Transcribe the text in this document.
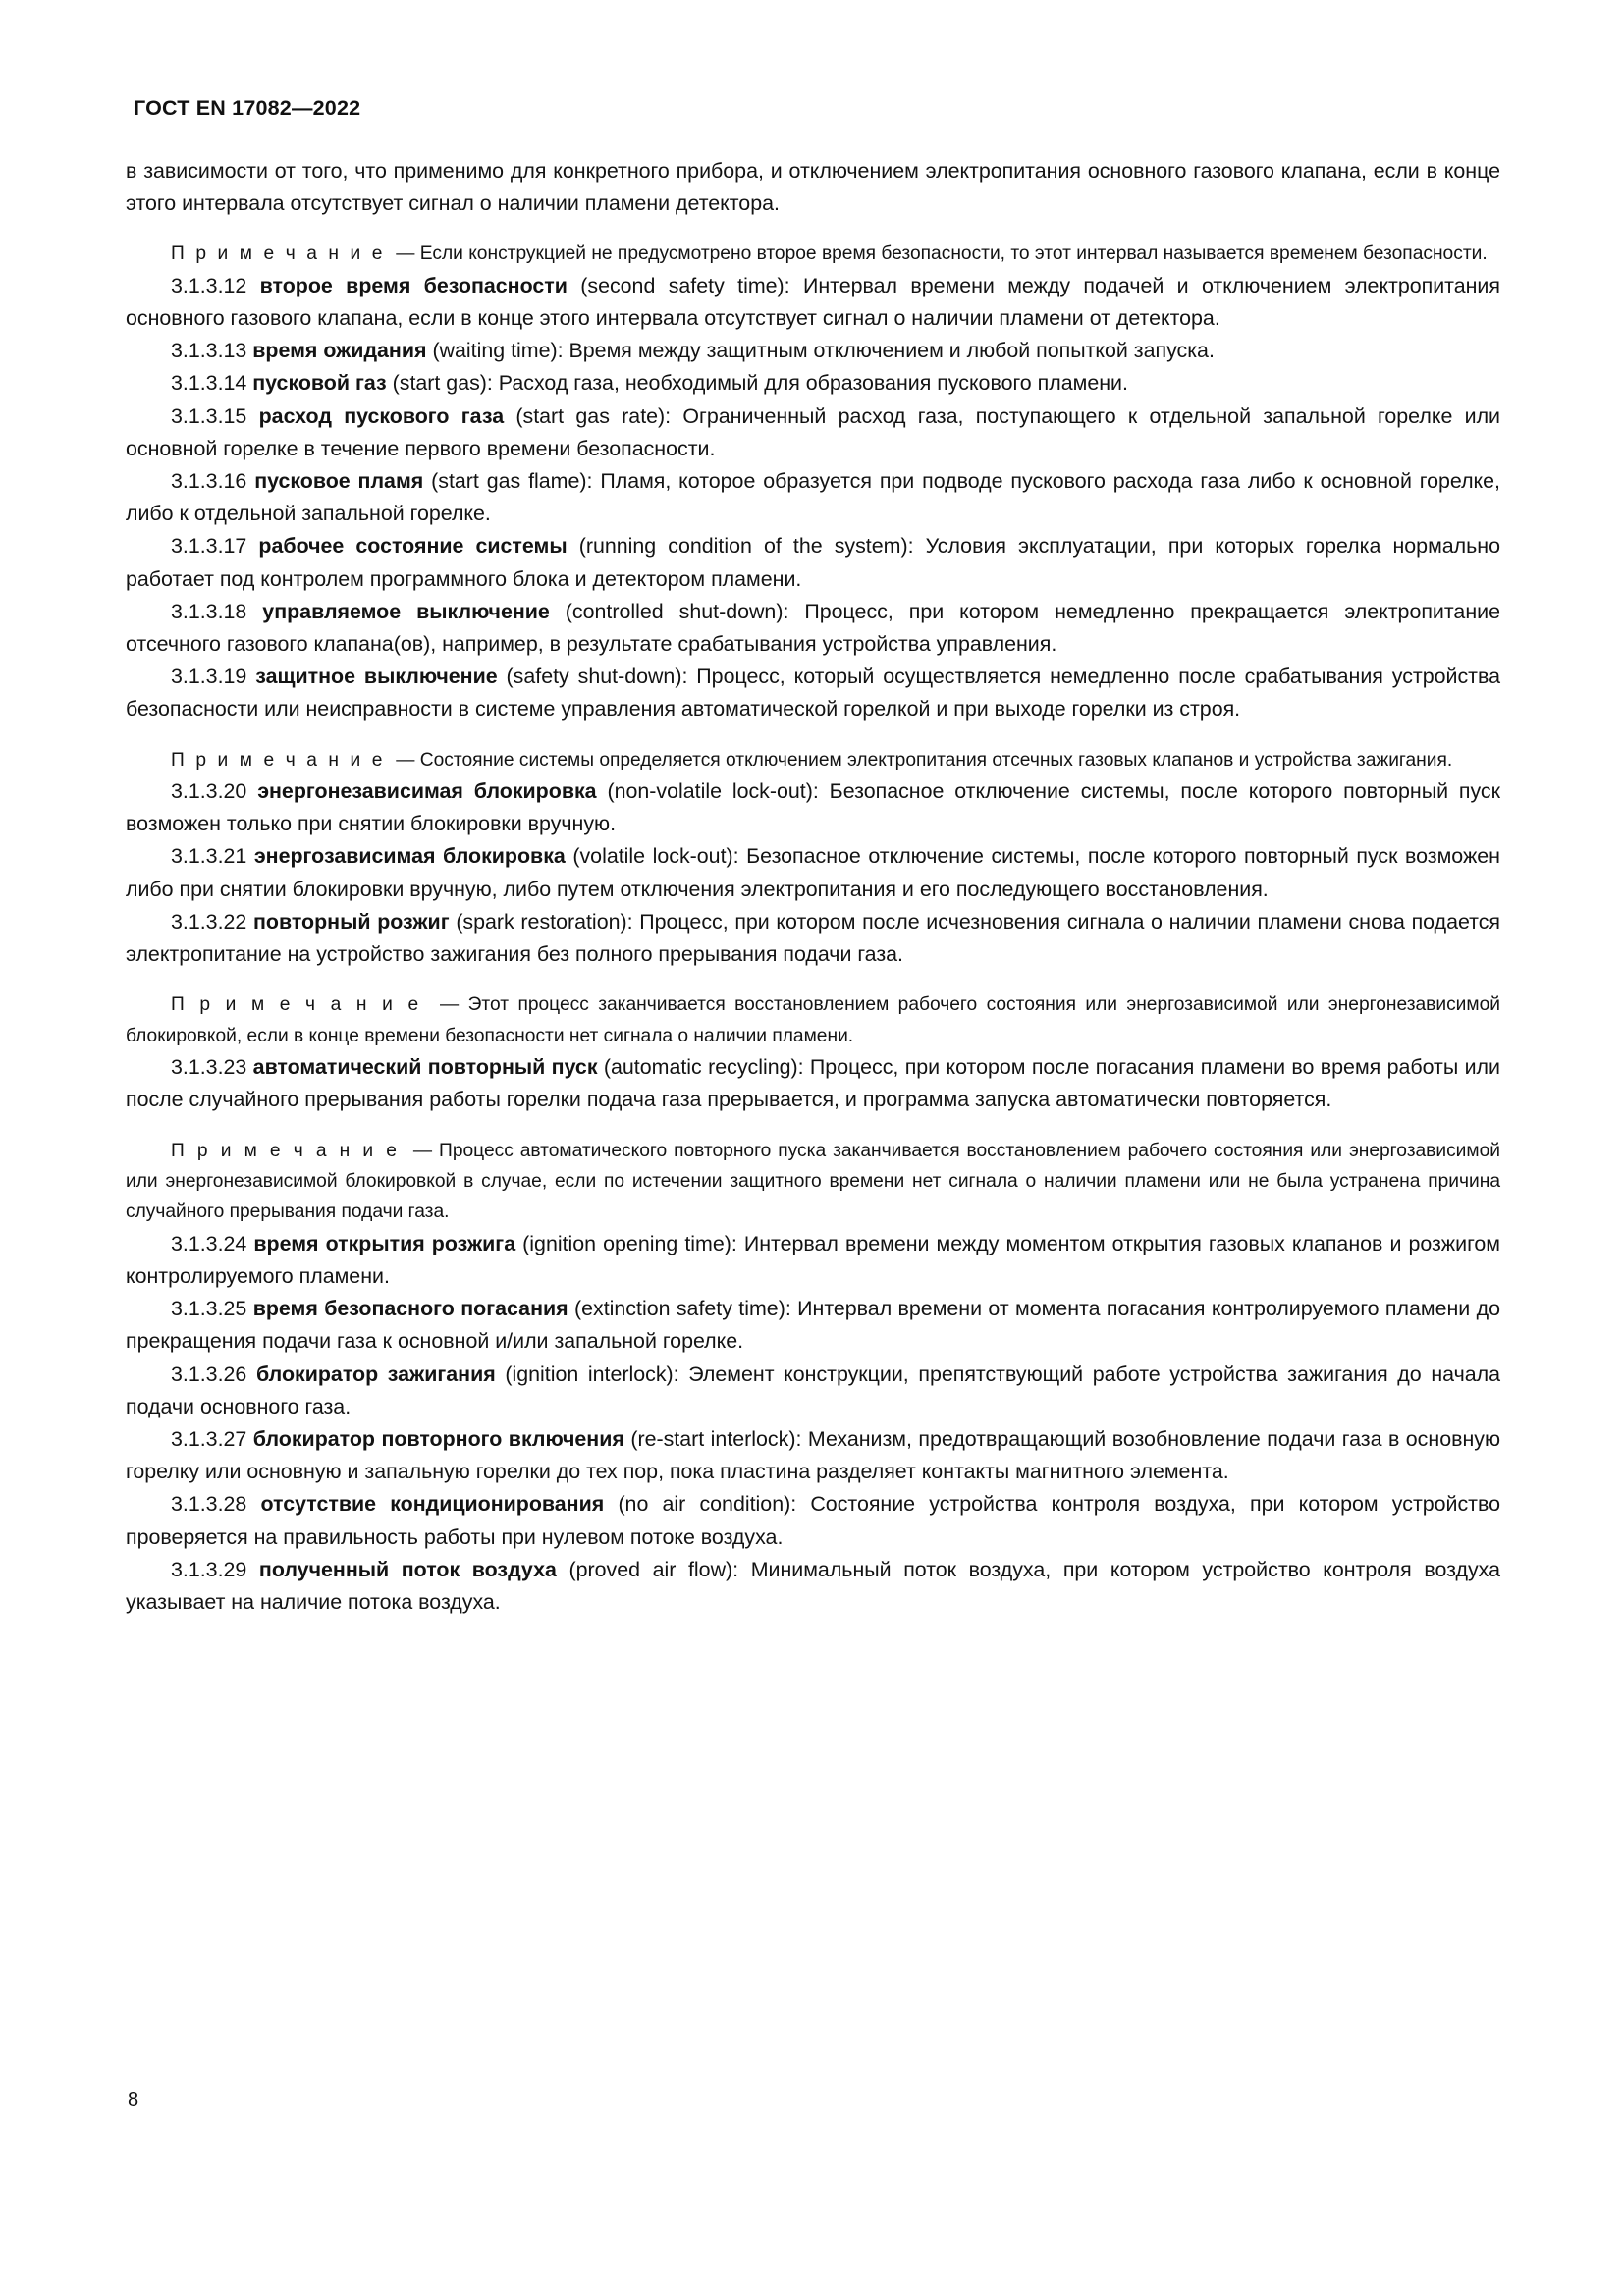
ГОСТ EN 17082—2022

в зависимости от того, что применимо для конкретного прибора, и отключением электропитания основного газового клапана, если в конце этого интервала отсутствует сигнал о наличии пламени детектора.

П р и м е ч а н и е — Если конструкцией не предусмотрено второе время безопасности, то этот интервал называется временем безопасности.

3.1.3.12 второе время безопасности (second safety time): Интервал времени между подачей и отключением электропитания основного газового клапана, если в конце этого интервала отсутствует сигнал о наличии пламени от детектора.

3.1.3.13 время ожидания (waiting time): Время между защитным отключением и любой попыткой запуска.

3.1.3.14 пусковой газ (start gas): Расход газа, необходимый для образования пускового пламени.

3.1.3.15 расход пускового газа (start gas rate): Ограниченный расход газа, поступающего к отдельной запальной горелке или основной горелке в течение первого времени безопасности.

3.1.3.16 пусковое пламя (start gas flame): Пламя, которое образуется при подводе пускового расхода газа либо к основной горелке, либо к отдельной запальной горелке.

3.1.3.17 рабочее состояние системы (running condition of the system): Условия эксплуатации, при которых горелка нормально работает под контролем программного блока и детектором пламени.

3.1.3.18 управляемое выключение (controlled shut-down): Процесс, при котором немедленно прекращается электропитание отсечного газового клапана(ов), например, в результате срабатывания устройства управления.

3.1.3.19 защитное выключение (safety shut-down): Процесс, который осуществляется немедленно после срабатывания устройства безопасности или неисправности в системе управления автоматической горелкой и при выходе горелки из строя.

П р и м е ч а н и е — Состояние системы определяется отключением электропитания отсечных газовых клапанов и устройства зажигания.

3.1.3.20 энергонезависимая блокировка (non-volatile lock-out): Безопасное отключение системы, после которого повторный пуск возможен только при снятии блокировки вручную.

3.1.3.21 энергозависимая блокировка (volatile lock-out): Безопасное отключение системы, после которого повторный пуск возможен либо при снятии блокировки вручную, либо путем отключения электропитания и его последующего восстановления.

3.1.3.22 повторный розжиг (spark restoration): Процесс, при котором после исчезновения сигнала о наличии пламени снова подается электропитание на устройство зажигания без полного прерывания подачи газа.

П р и м е ч а н и е — Этот процесс заканчивается восстановлением рабочего состояния или энергозависимой или энергонезависимой блокировкой, если в конце времени безопасности нет сигнала о наличии пламени.

3.1.3.23 автоматический повторный пуск (automatic recycling): Процесс, при котором после погасания пламени во время работы или после случайного прерывания работы горелки подача газа прерывается, и программа запуска автоматически повторяется.

П р и м е ч а н и е — Процесс автоматического повторного пуска заканчивается восстановлением рабочего состояния или энергозависимой или энергонезависимой блокировкой в случае, если по истечении защитного времени нет сигнала о наличии пламени или не была устранена причина случайного прерывания подачи газа.

3.1.3.24 время открытия розжига (ignition opening time): Интервал времени между моментом открытия газовых клапанов и розжигом контролируемого пламени.

3.1.3.25 время безопасного погасания (extinction safety time): Интервал времени от момента погасания контролируемого пламени до прекращения подачи газа к основной и/или запальной горелке.

3.1.3.26 блокиратор зажигания (ignition interlock): Элемент конструкции, препятствующий работе устройства зажигания до начала подачи основного газа.

3.1.3.27 блокиратор повторного включения (re-start interlock): Механизм, предотвращающий возобновление подачи газа в основную горелку или основную и запальную горелки до тех пор, пока пластина разделяет контакты магнитного элемента.

3.1.3.28 отсутствие кондиционирования (no air condition): Состояние устройства контроля воздуха, при котором устройство проверяется на правильность работы при нулевом потоке воздуха.

3.1.3.29 полученный поток воздуха (proved air flow): Минимальный поток воздуха, при котором устройство контроля воздуха указывает на наличие потока воздуха.

8
